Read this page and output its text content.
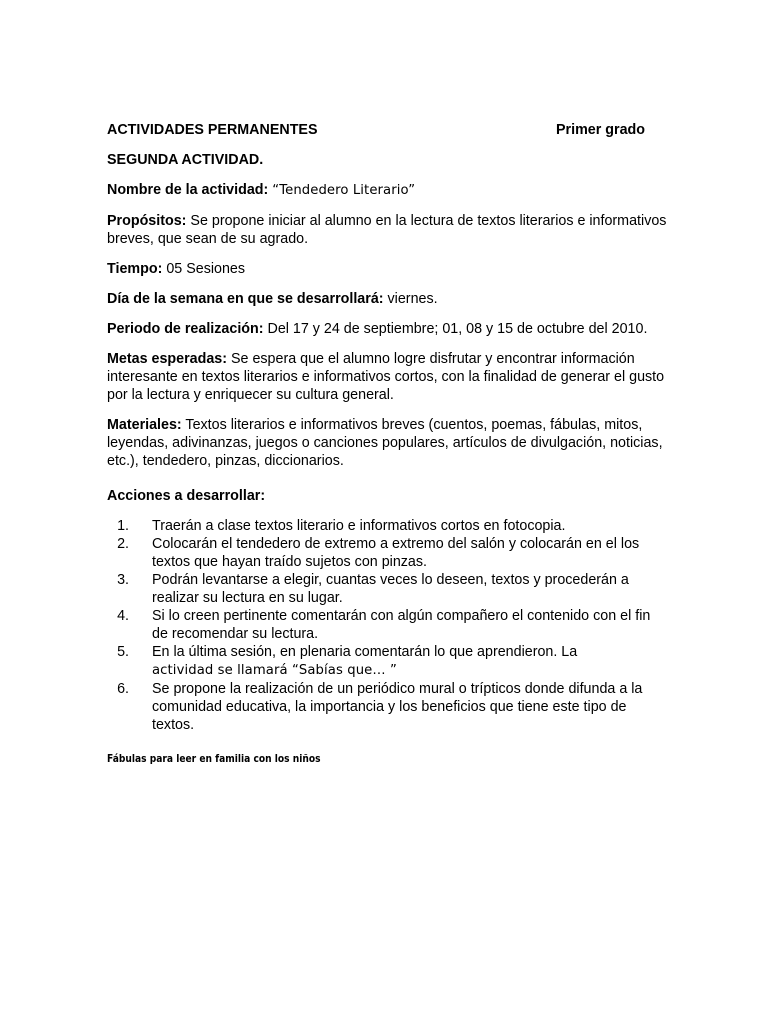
ACTIVIDADES PERMANENTES	Primer grado
SEGUNDA ACTIVIDAD.
Nombre de la actividad: “Tendedero Literario”
Propósitos: Se propone iniciar al alumno en la lectura de textos literarios e informativos breves, que sean de su agrado.
Tiempo: 05 Sesiones
Día de la semana en que se desarrollará: viernes.
Periodo de realización: Del 17 y 24 de septiembre; 01, 08 y 15 de octubre del 2010.
Metas esperadas: Se espera que el alumno logre disfrutar y encontrar información interesante en textos literarios e informativos cortos, con la finalidad de generar el gusto por la lectura y enriquecer su cultura general.
Materiales: Textos literarios e informativos breves (cuentos, poemas, fábulas, mitos, leyendas, adivinanzas, juegos o canciones populares, artículos de divulgación, noticias, etc.), tendedero, pinzas, diccionarios.
Acciones a desarrollar:
1. Traerán a clase textos literario e informativos cortos en fotocopia.
2. Colocarán el tendedero de extremo a extremo del salón y colocarán en el los textos que hayan traído sujetos con pinzas.
3. Podrán levantarse a elegir, cuantas veces lo deseen, textos y procederán a realizar su lectura en su lugar.
4. Si lo creen pertinente comentarán con algún compañero el contenido con el fin de recomendar su lectura.
5. En la última sesión, en plenaria comentarán lo que aprendieron. La
actividad se llamará “Sabías que… ”
6. Se propone la realización de un periódico mural o trípticos donde difunda a la comunidad educativa, la importancia y los beneficios que tiene este tipo de textos.
Fábulas para leer en familia con los niños
